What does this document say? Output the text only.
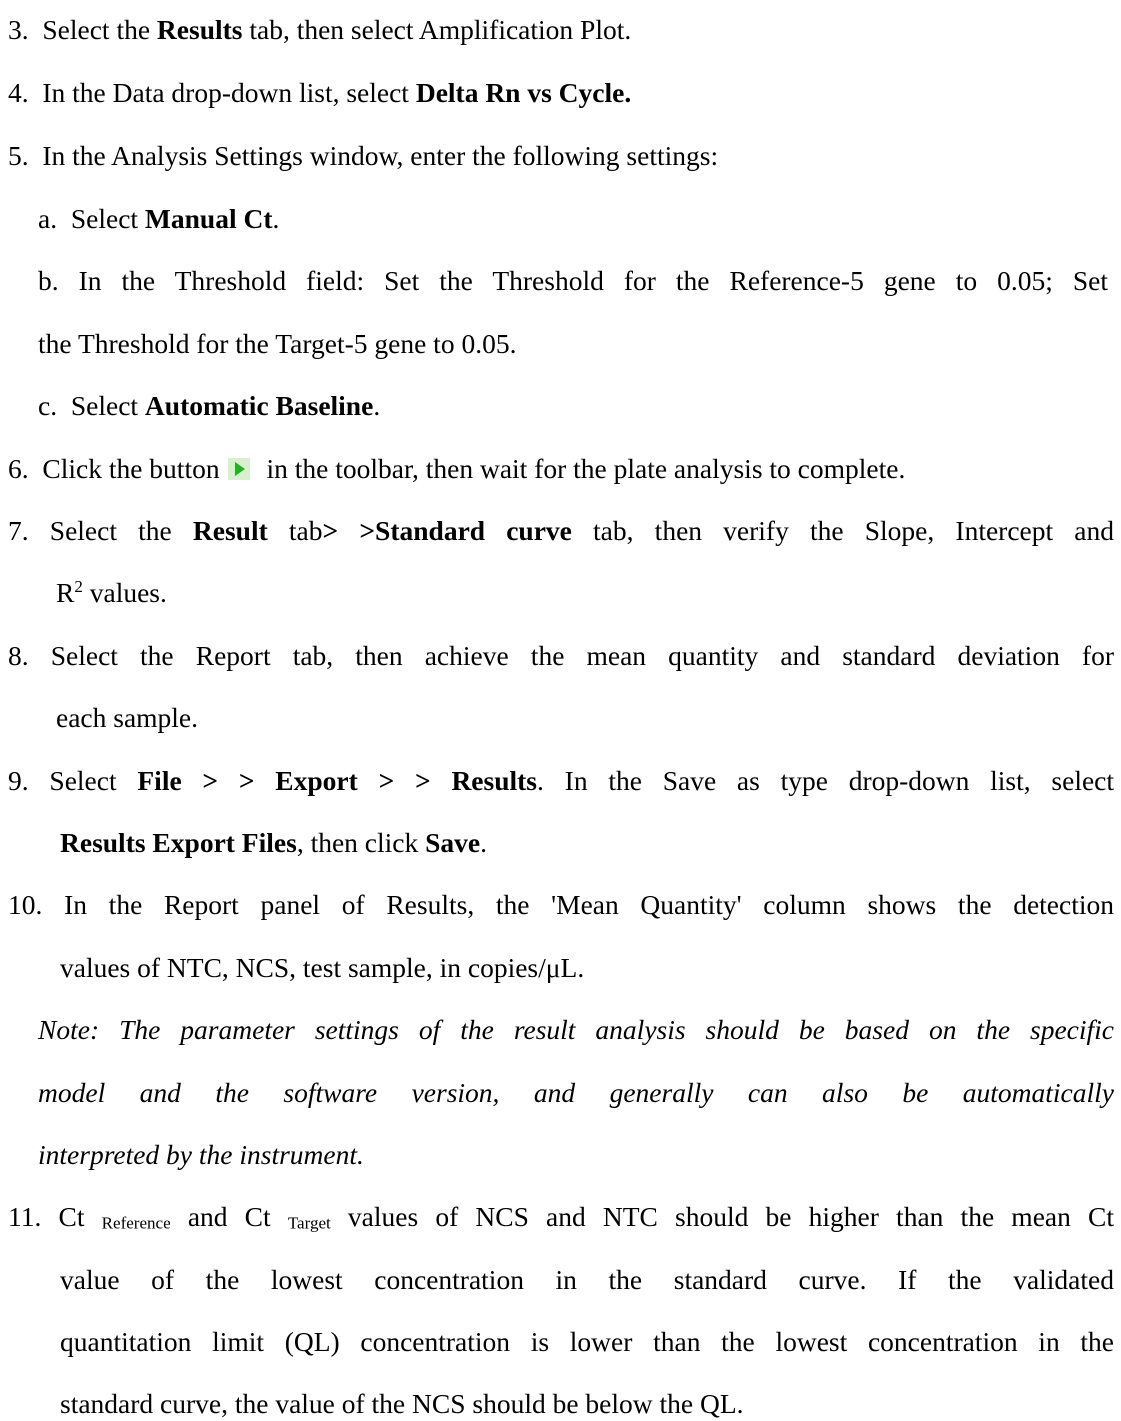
3. Select the Results tab, then select Amplification Plot.
4. In the Data drop-down list, select Delta Rn vs Cycle.
5. In the Analysis Settings window, enter the following settings:
a. Select Manual Ct.
b. In the Threshold field: Set the Threshold for the Reference-5 gene to 0.05; Set
the Threshold for the Target-5 gene to 0.05.
c. Select Automatic Baseline.
6. Click the button in the toolbar, then wait for the plate analysis to complete.
7. Select the Result tab> >Standard curve tab, then verify the Slope, Intercept and
$R^2$ values.
8. Select the Report tab, then achieve the mean quantity and standard deviation for
each sample.
9. Select File > > Export > > Results. In the Save as type drop-down list, select
Results Export Files, then click Save.
10. In the Report panel of Results, the 'Mean Quantity' column shows the detection
values of NTC, NCS, test sample, in copies/μL.
Note: The parameter settings of the result analysis should be based on the specific
model and the software version, and generally can also be automatically
interpreted by the instrument.
11. Ct $_{Reference}$ and Ct $_{Target}$ values of NCS and NTC should be higher than the mean Ct
value of the lowest concentration in the standard curve. If the validated
quantitation limit (QL) concentration is lower than the lowest concentration in the
standard curve, the value of the NCS should be below the QL.
